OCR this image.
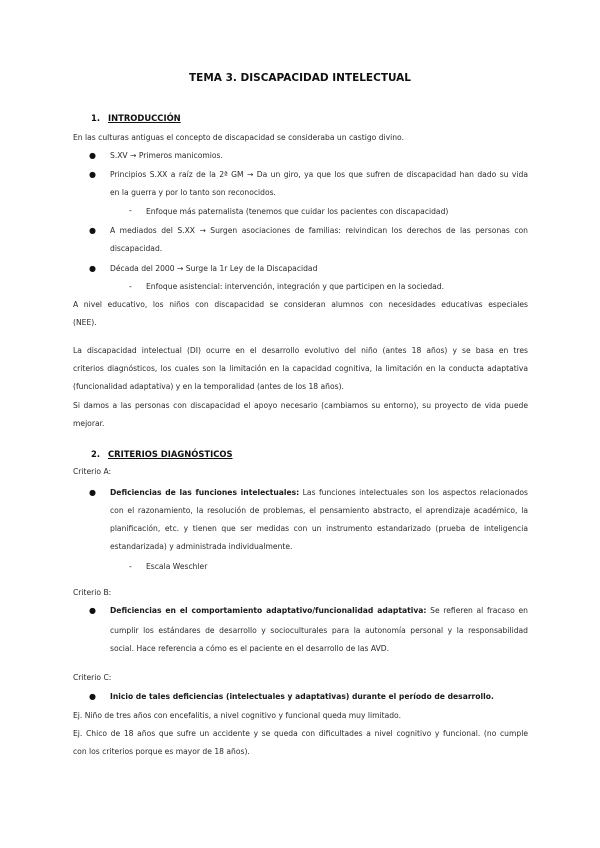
TEMA 3. DISCAPACIDAD INTELECTUAL
1. INTRODUCCIÓN
En las culturas antiguas el concepto de discapacidad se consideraba un castigo divino.
● S.XV → Primeros manicomios.
● Principios S.XX a raíz de la 2ª GM → Da un giro, ya que los que sufren de discapacidad han dado su vida
en la guerra y por lo tanto son reconocidos.
- Enfoque más paternalista (tenemos que cuidar los pacientes con discapacidad)
● A mediados del S.XX → Surgen asociaciones de familias: reivindican los derechos de las personas con
discapacidad.
● Década del 2000 → Surge la 1r Ley de la Discapacidad
- Enfoque asistencial: intervención, integración y que participen en la sociedad.
A nivel educativo, los niños con discapacidad se consideran alumnos con necesidades educativas especiales
(NEE).
La discapacidad intelectual (DI) ocurre en el desarrollo evolutivo del niño (antes 18 años) y se basa en tres
criterios diagnósticos, los cuales son la limitación en la capacidad cognitiva, la limitación en la conducta adaptativa
(funcionalidad adaptativa) y en la temporalidad (antes de los 18 años).
Si damos a las personas con discapacidad el apoyo necesario (cambiamos su entorno), su proyecto de vida puede
mejorar.
2. CRITERIOS DIAGNÓSTICOS
Criterio A:
● Deficiencias de las funciones intelectuales: Las funciones intelectuales son los aspectos relacionados
con el razonamiento, la resolución de problemas, el pensamiento abstracto, el aprendizaje académico, la
planificación, etc. y tienen que ser medidas con un instrumento estandarizado (prueba de inteligencia
estandarizada) y administrada individualmente.
- Escala Weschler
Criterio B:
● Deficiencias en el comportamiento adaptativo/funcionalidad adaptativa: Se refieren al fracaso en
cumplir los estándares de desarrollo y socioculturales para la autonomía personal y la responsabilidad
social. Hace referencia a cómo es el paciente en el desarrollo de las AVD.
Criterio C:
● Inicio de tales deficiencias (intelectuales y adaptativas) durante el período de desarrollo.
Ej. Niño de tres años con encefalitis, a nivel cognitivo y funcional queda muy limitado.
Ej. Chico de 18 años que sufre un accidente y se queda con dificultades a nivel cognitivo y funcional. (no cumple
con los criterios porque es mayor de 18 años).
